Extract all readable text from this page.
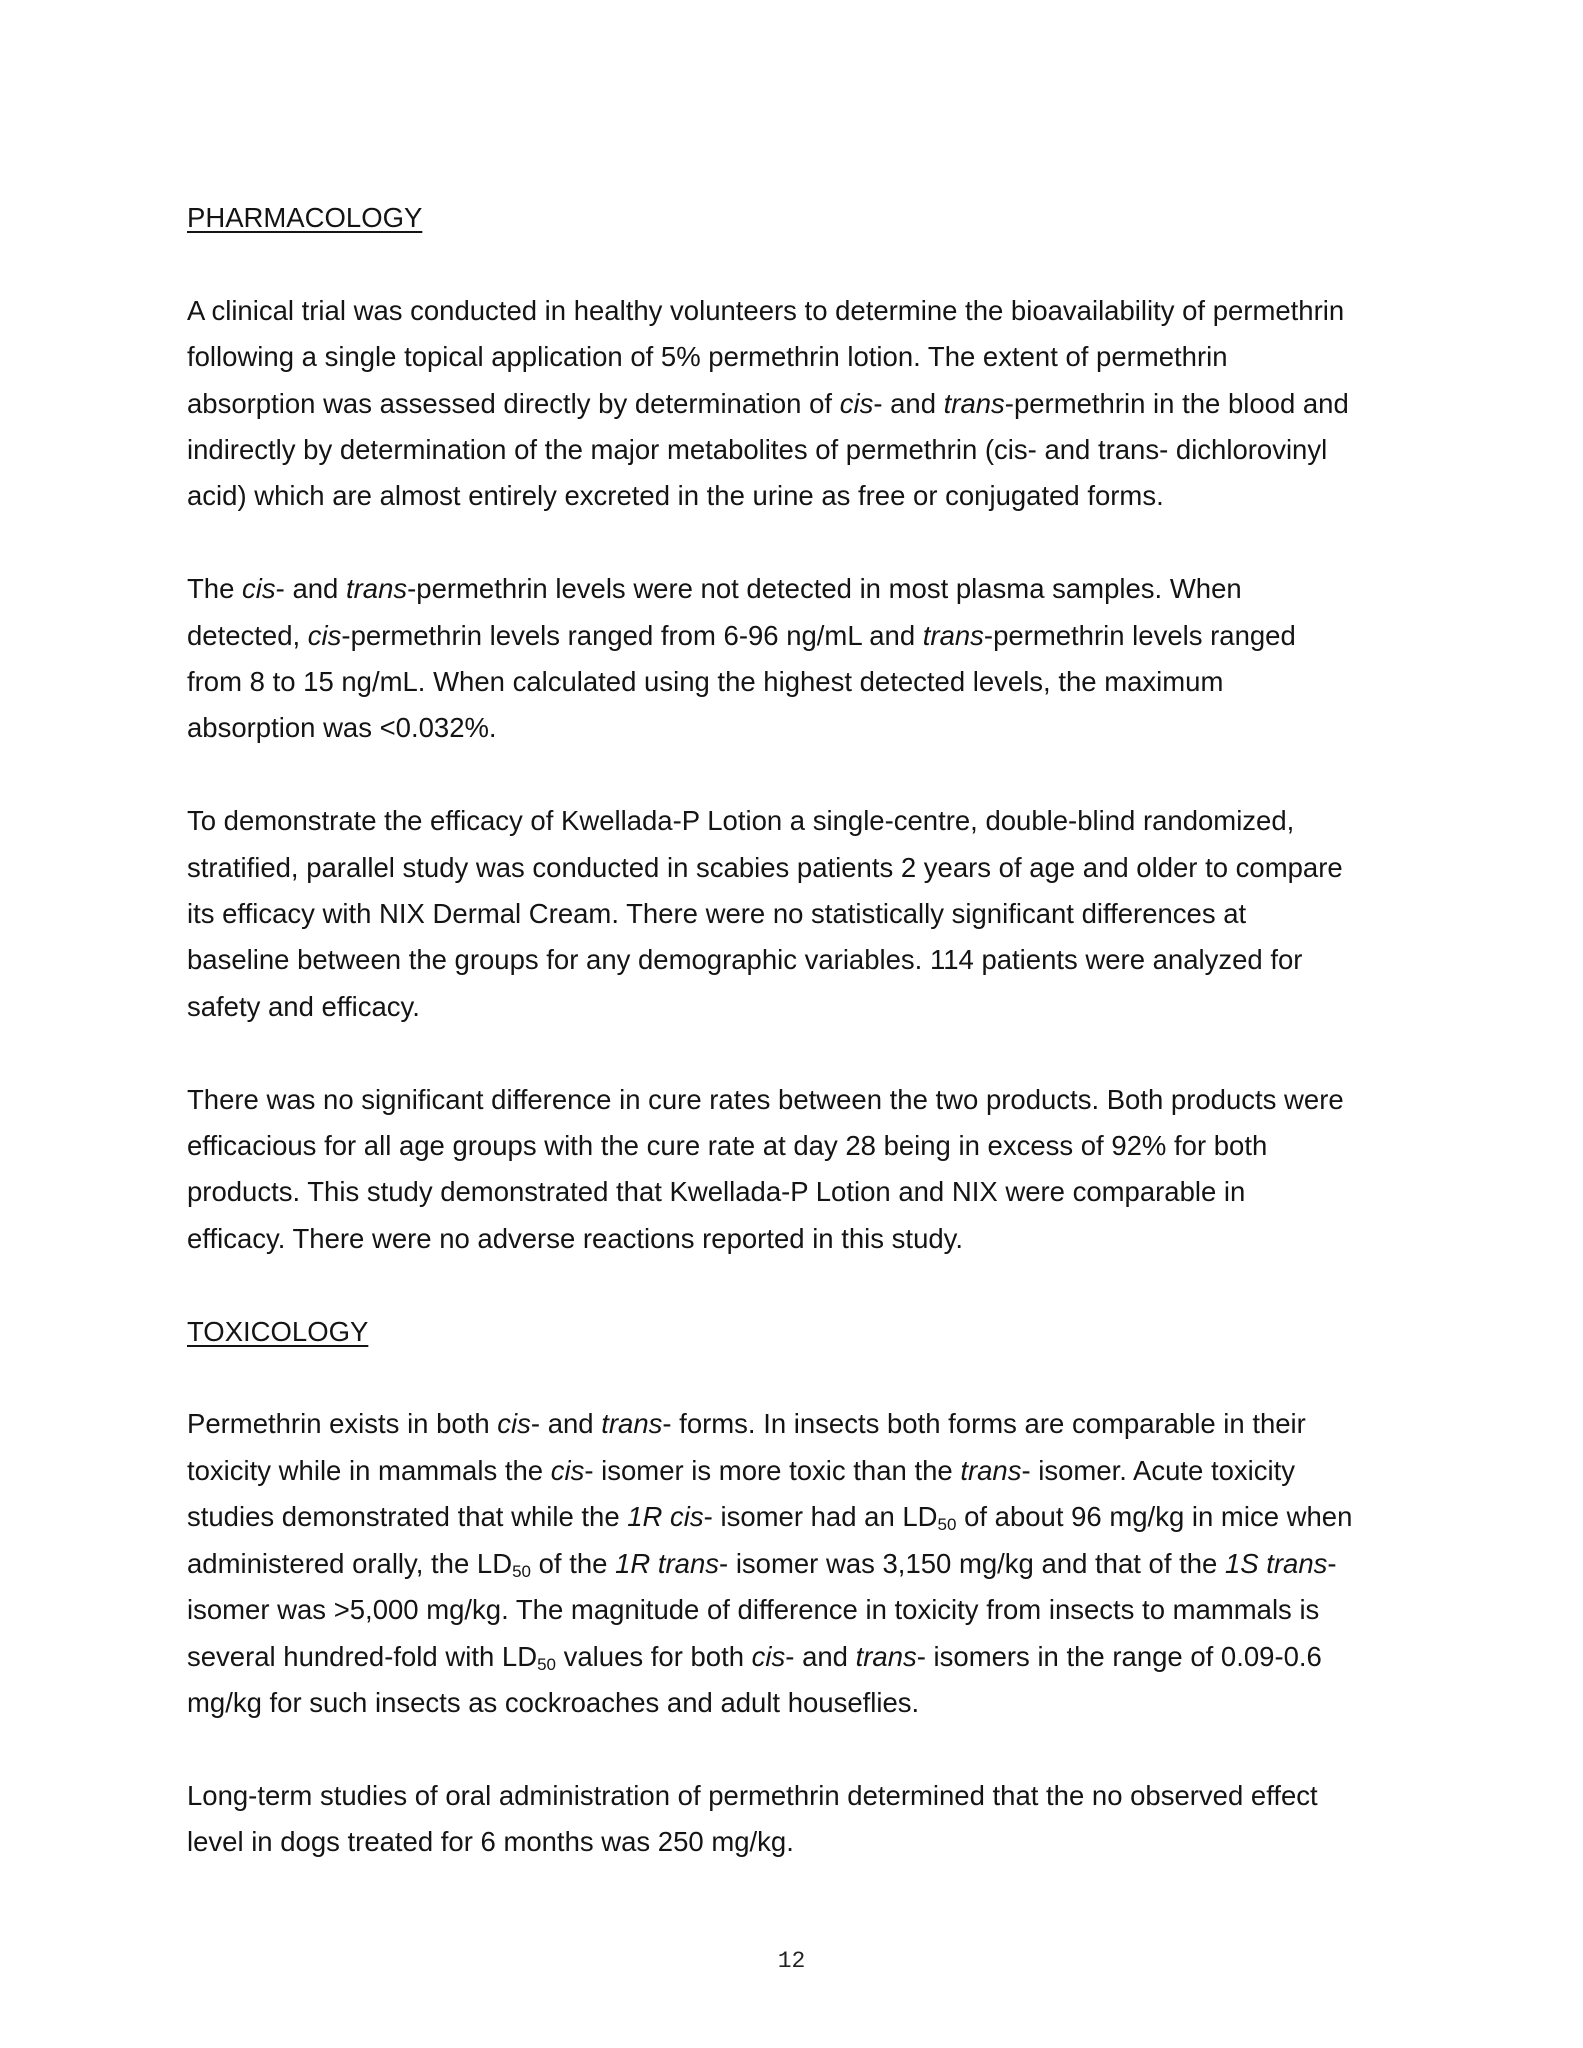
PHARMACOLOGY

A clinical trial was conducted in healthy volunteers to determine the bioavailability of permethrin
following a single topical application of 5% permethrin lotion. The extent of permethrin
absorption was assessed directly by determination of cis- and trans-permethrin in the blood and
indirectly by determination of the major metabolites of permethrin (cis- and trans- dichlorovinyl
acid) which are almost entirely excreted in the urine as free or conjugated forms.

The cis- and trans-permethrin levels were not detected in most plasma samples. When
detected, cis-permethrin levels ranged from 6-96 ng/mL and trans-permethrin levels ranged
from 8 to 15 ng/mL. When calculated using the highest detected levels, the maximum
absorption was <0.032%.

To demonstrate the efficacy of Kwellada-P Lotion a single-centre, double-blind randomized,
stratified, parallel study was conducted in scabies patients 2 years of age and older to compare
its efficacy with NIX Dermal Cream. There were no statistically significant differences at
baseline between the groups for any demographic variables. 114 patients were analyzed for
safety and efficacy.

There was no significant difference in cure rates between the two products. Both products were
efficacious for all age groups with the cure rate at day 28 being in excess of 92% for both
products. This study demonstrated that Kwellada-P Lotion and NIX were comparable in
efficacy. There were no adverse reactions reported in this study.

TOXICOLOGY

Permethrin exists in both cis- and trans- forms. In insects both forms are comparable in their
toxicity while in mammals the cis- isomer is more toxic than the trans- isomer. Acute toxicity
studies demonstrated that while the 1R cis- isomer had an $LD_{50}$ of about 96 mg/kg in mice when
administered orally, the $LD_{50}$ of the 1R trans- isomer was 3,150 mg/kg and that of the 1S trans-
isomer was >5,000 mg/kg. The magnitude of difference in toxicity from insects to mammals is
several hundred-fold with $LD_{50}$ values for both cis- and trans- isomers in the range of 0.09-0.6
mg/kg for such insects as cockroaches and adult houseflies.

Long-term studies of oral administration of permethrin determined that the no observed effect
level in dogs treated for 6 months was 250 mg/kg.

12
